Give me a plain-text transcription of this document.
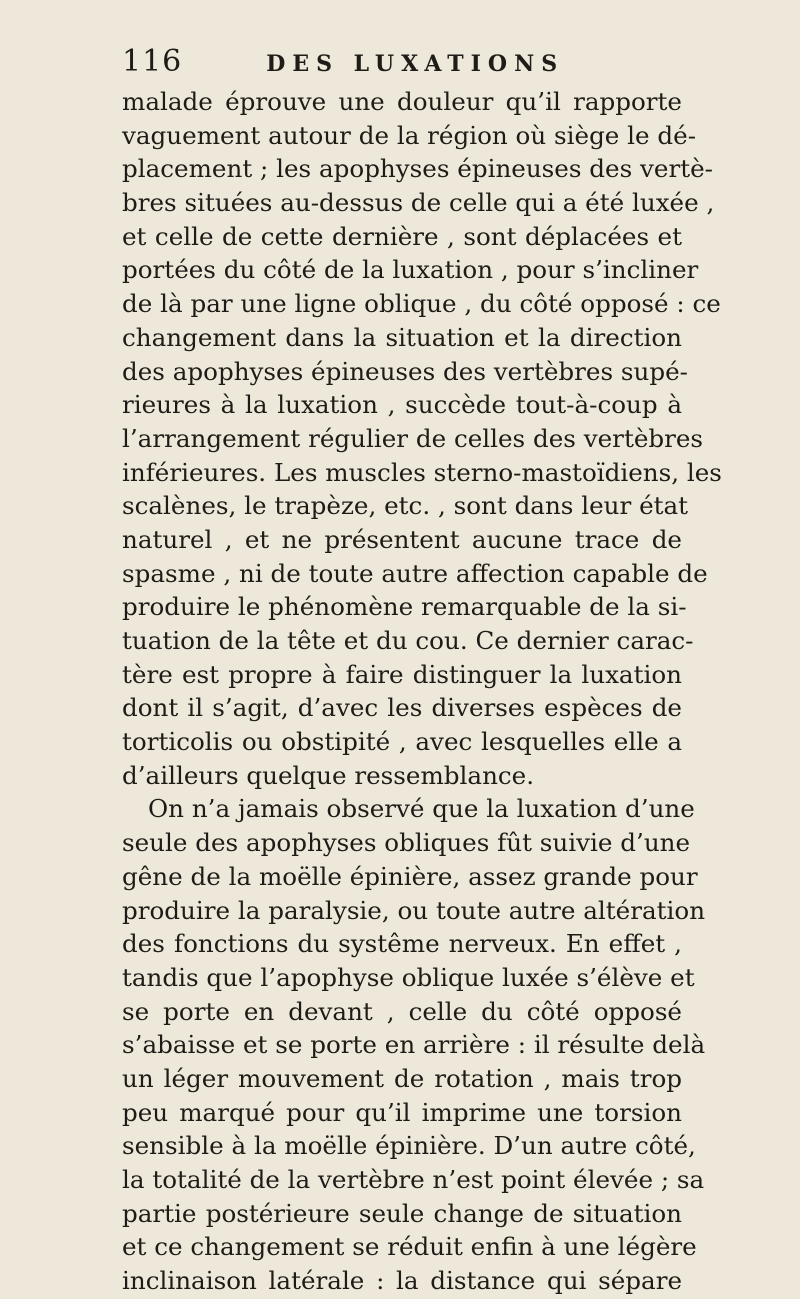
116	DES LUXATIONS
malade éprouve une douleur qu’il rapporte
vaguement autour de la région où siège le dé-
placement ; les apophyses épineuses des vertè-
bres situées au-dessus de celle qui a été luxée ,
et celle de cette dernière , sont déplacées et
portées du côté de la luxation , pour s’incliner
de là par une ligne oblique , du côté opposé : ce
changement dans la situation et la direction
des apophyses épineuses des vertèbres supé-
rieures à la luxation , succède tout-à-coup à
l’arrangement régulier de celles des vertèbres
inférieures. Les muscles sterno-mastoïdiens, les
scalènes, le trapèze, etc. , sont dans leur état
naturel , et ne présentent aucune trace de
spasme , ni de toute autre affection capable de
produire le phénomène remarquable de la si-
tuation de la tête et du cou. Ce dernier carac-
tère est propre à faire distinguer la luxation
dont il s’agit, d’avec les diverses espèces de
torticolis ou obstipité , avec lesquelles elle a
d’ailleurs quelque ressemblance.
On n’a jamais observé que la luxation d’une
seule des apophyses obliques fût suivie d’une
gêne de la moëlle épinière, assez grande pour
produire la paralysie, ou toute autre altération
des fonctions du systême nerveux. En effet ,
tandis que l’apophyse oblique luxée s’élève et
se porte en devant , celle du côté opposé
s’abaisse et se porte en arrière : il résulte delà
un léger mouvement de rotation , mais trop
peu marqué pour qu’il imprime une torsion
sensible à la moëlle épinière. D’un autre côté,
la totalité de la vertèbre n’est point élevée ; sa
partie postérieure seule change de situation
et ce changement se réduit enfin à une légère
inclinaison latérale : la distance qui sépare
